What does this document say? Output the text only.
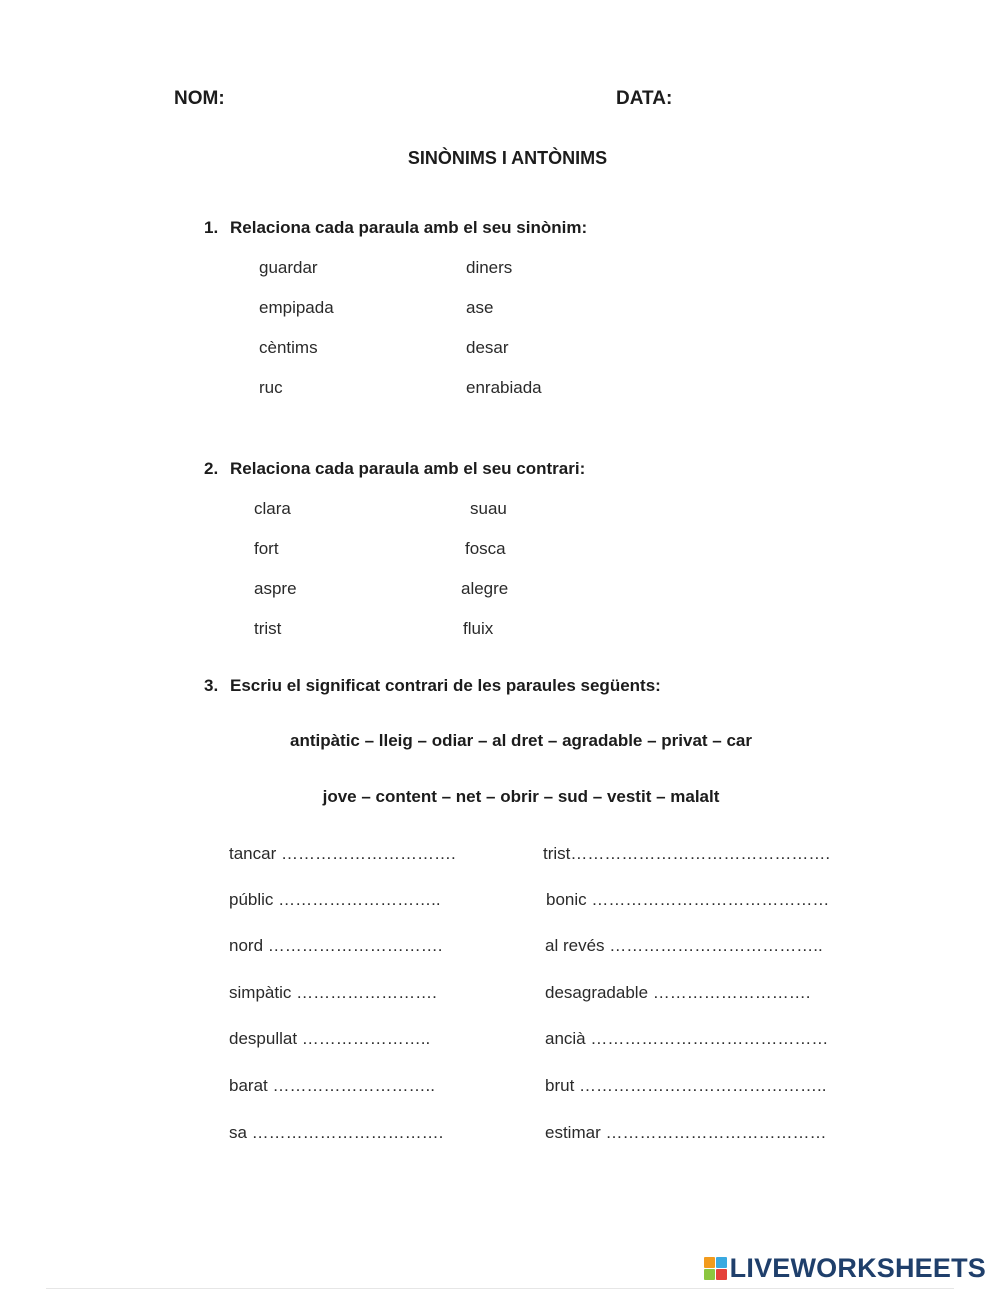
NOM:	DATA:
SINÒNIMS I ANTÒNIMS
1. Relaciona cada paraula amb el seu sinònim:
guardar
empipada
cèntims
ruc
diners
ase
desar
enrabiada
2. Relaciona cada paraula amb el seu contrari:
clara
fort
aspre
trist
suau
fosca
alegre
fluix
3. Escriu el significat contrari de les paraules següents:
antipàtic – lleig – odiar – al dret – agradable – privat – car
jove – content – net – obrir – sud – vestit – malalt
tancar ………………………….
públic ………………………..
nord ………………………….
simpàtic …………………….
despullat …………………..
barat ………………………..
sa …………………………….
trist……………………………………….
bonic ……………………………………
al revés ………………………………..
desagradable ……………………….
ancià ……………………………………
brut ……………………………………..
estimar …………………………………
LIVEWORKSHEETS
